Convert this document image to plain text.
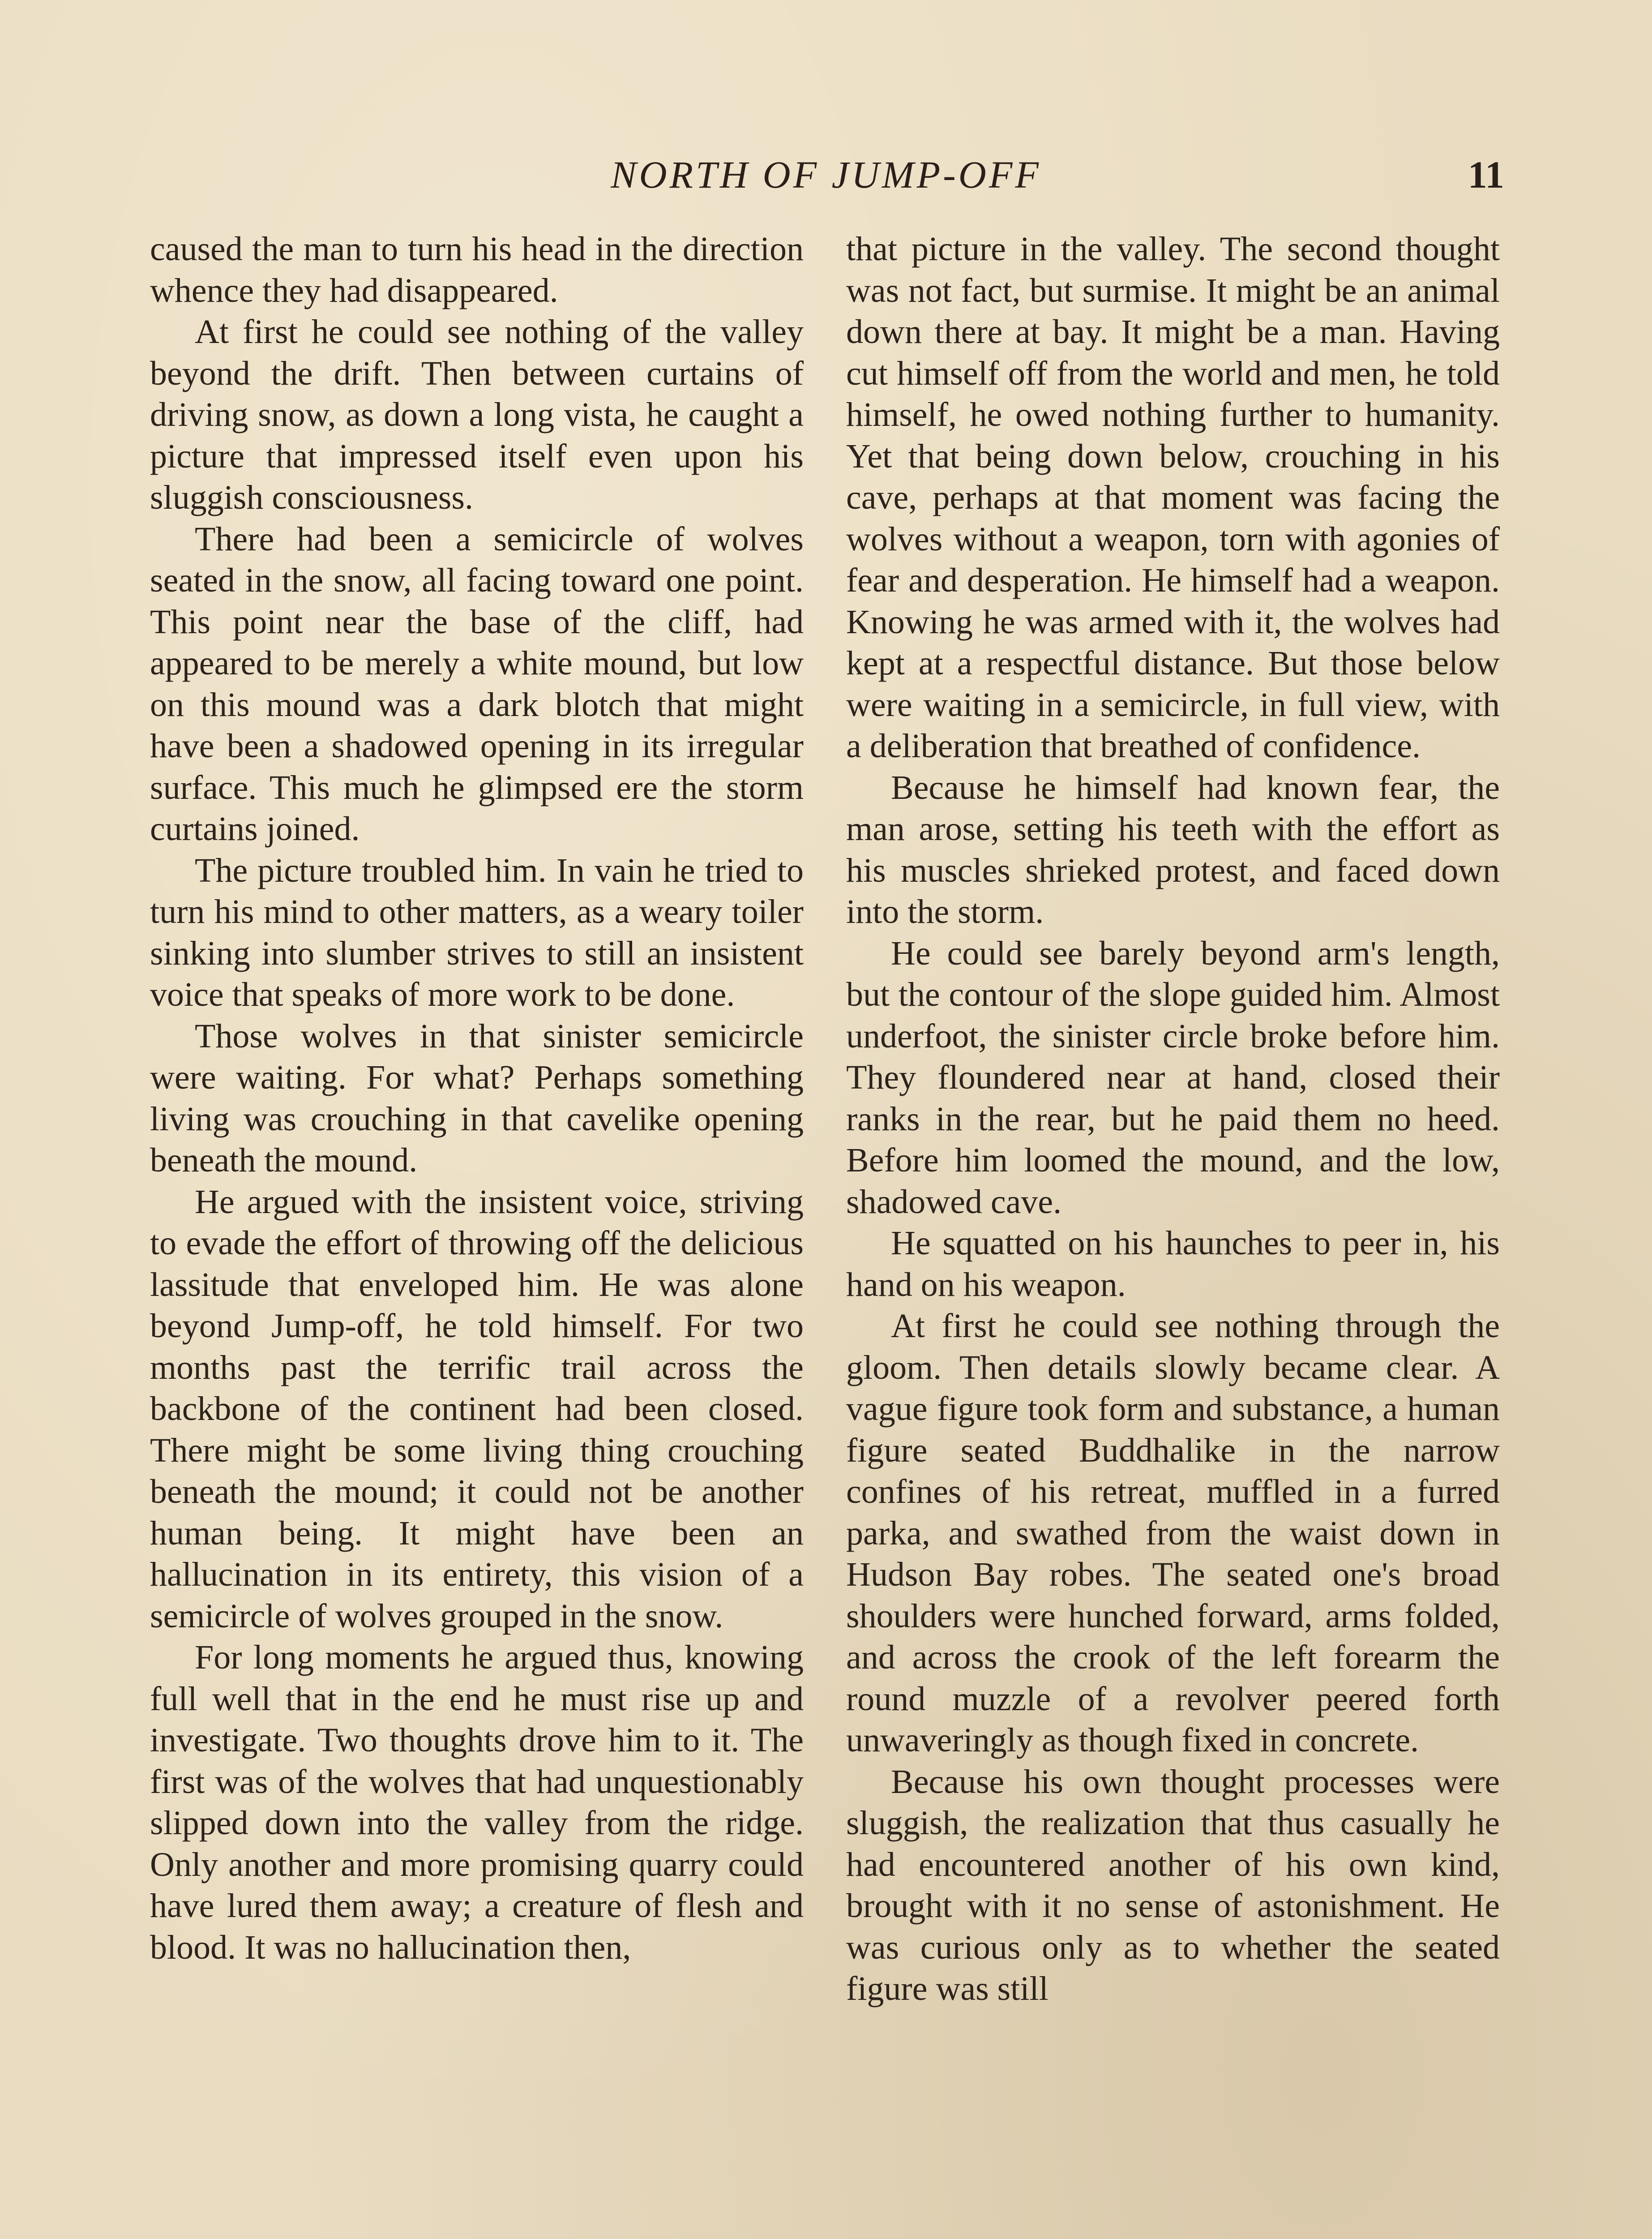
NORTH OF JUMP-OFF	11

caused the man to turn his head in the direction whence they had disappeared.

At first he could see nothing of the valley beyond the drift. Then between curtains of driving snow, as down a long vista, he caught a picture that impressed itself even upon his sluggish consciousness.

There had been a semicircle of wolves seated in the snow, all facing toward one point. This point near the base of the cliff, had appeared to be merely a white mound, but low on this mound was a dark blotch that might have been a shadowed opening in its irregular surface. This much he glimpsed ere the storm curtains joined.

The picture troubled him. In vain he tried to turn his mind to other matters, as a weary toiler sinking into slumber strives to still an insistent voice that speaks of more work to be done.

Those wolves in that sinister semicircle were waiting. For what? Perhaps something living was crouching in that cavelike opening beneath the mound.

He argued with the insistent voice, striving to evade the effort of throwing off the delicious lassitude that enveloped him. He was alone beyond Jump-off, he told himself. For two months past the terrific trail across the backbone of the continent had been closed. There might be some living thing crouching beneath the mound; it could not be another human being. It might have been an hallucination in its entirety, this vision of a semicircle of wolves grouped in the snow.

For long moments he argued thus, knowing full well that in the end he must rise up and investigate. Two thoughts drove him to it. The first was of the wolves that had unquestionably slipped down into the valley from the ridge. Only another and more promising quarry could have lured them away; a creature of flesh and blood. It was no hallucination then,

that picture in the valley. The second thought was not fact, but surmise. It might be an animal down there at bay. It might be a man. Having cut himself off from the world and men, he told himself, he owed nothing further to humanity. Yet that being down below, crouching in his cave, perhaps at that moment was facing the wolves without a weapon, torn with agonies of fear and desperation. He himself had a weapon. Knowing he was armed with it, the wolves had kept at a respectful distance. But those below were waiting in a semicircle, in full view, with a deliberation that breathed of confidence.

Because he himself had known fear, the man arose, setting his teeth with the effort as his muscles shrieked protest, and faced down into the storm.

He could see barely beyond arm's length, but the contour of the slope guided him. Almost underfoot, the sinister circle broke before him. They floundered near at hand, closed their ranks in the rear, but he paid them no heed. Before him loomed the mound, and the low, shadowed cave.

He squatted on his haunches to peer in, his hand on his weapon.

At first he could see nothing through the gloom. Then details slowly became clear. A vague figure took form and substance, a human figure seated Buddhalike in the narrow confines of his retreat, muffled in a furred parka, and swathed from the waist down in Hudson Bay robes. The seated one's broad shoulders were hunched forward, arms folded, and across the crook of the left forearm the round muzzle of a revolver peered forth unwaveringly as though fixed in concrete.

Because his own thought processes were sluggish, the realization that thus casually he had encountered another of his own kind, brought with it no sense of astonishment. He was curious only as to whether the seated figure was still
